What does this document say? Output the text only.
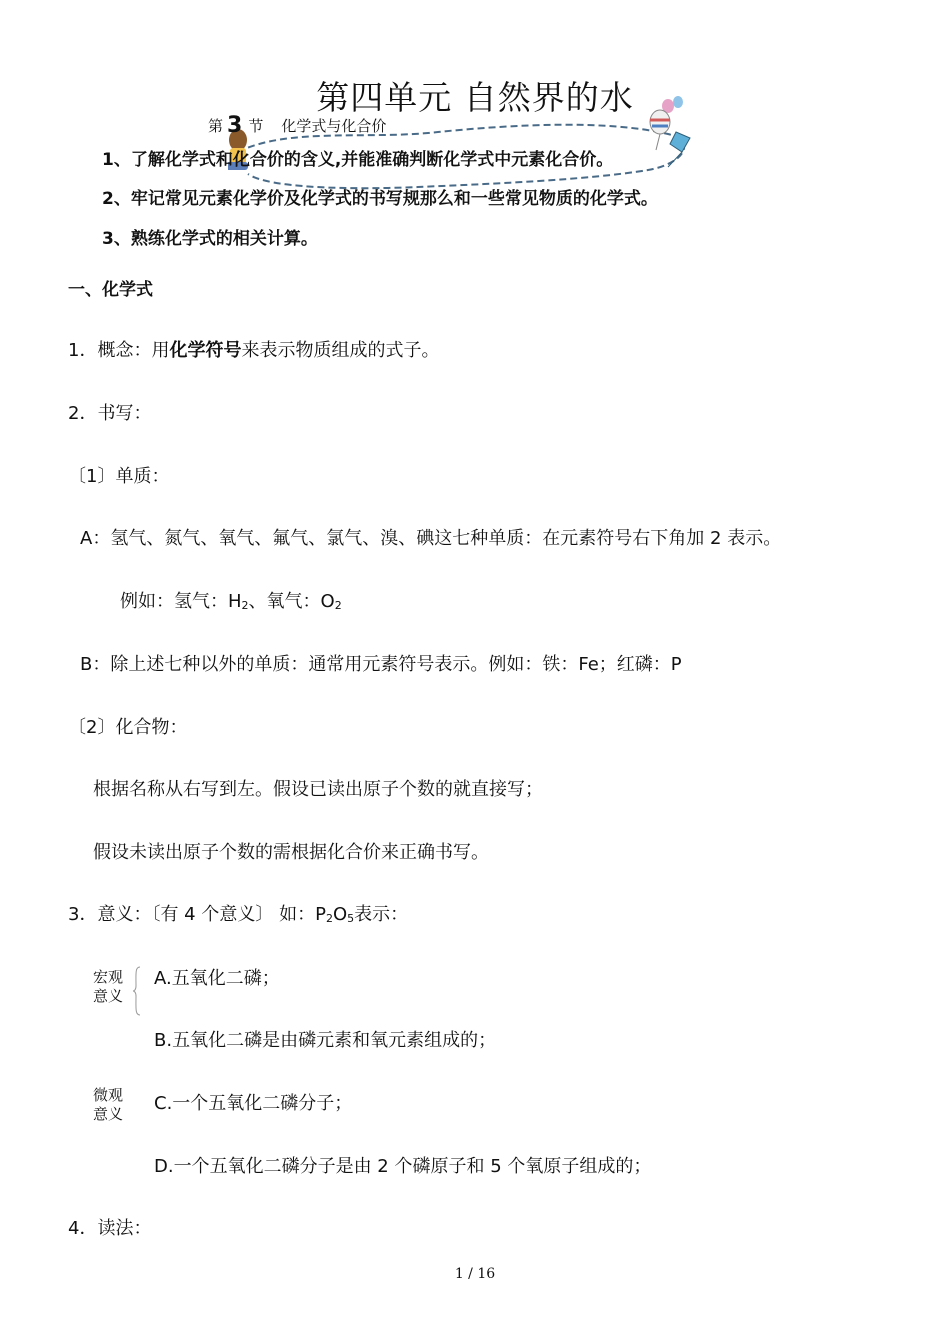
第四单元 自然界的水
第 3 节 化学式与化合价
1、了解化学式和化合价的含义,并能准确判断化学式中元素化合价。
2、牢记常见元素化学价及化学式的书写规那么和一些常见物质的化学式。
3、熟练化学式的相关计算。
一、化学式
1．概念：用化学符号来表示物质组成的式子。
2．书写：
〔1〕单质：
A：氢气、氮气、氧气、氟气、氯气、溴、碘这七种单质：在元素符号右下角加 2 表示。
例如：氢气：$H_2$、氧气：$O_2$
B：除上述七种以外的单质：通常用元素符号表示。例如：铁：Fe；红磷：P
〔2〕化合物：
根据名称从右写到左。假设已读出原子个数的就直接写；
假设未读出原子个数的需根据化合价来正确书写。
3．意义：〔有 4 个意义〕 如：$P_2O_5$表示：
宏观
意义
微观
意义
A.五氧化二磷；
B.五氧化二磷是由磷元素和氧元素组成的；
C.一个五氧化二磷分子；
D.一个五氧化二磷分子是由 2 个磷原子和 5 个氧原子组成的；
4．读法：
1 / 16
